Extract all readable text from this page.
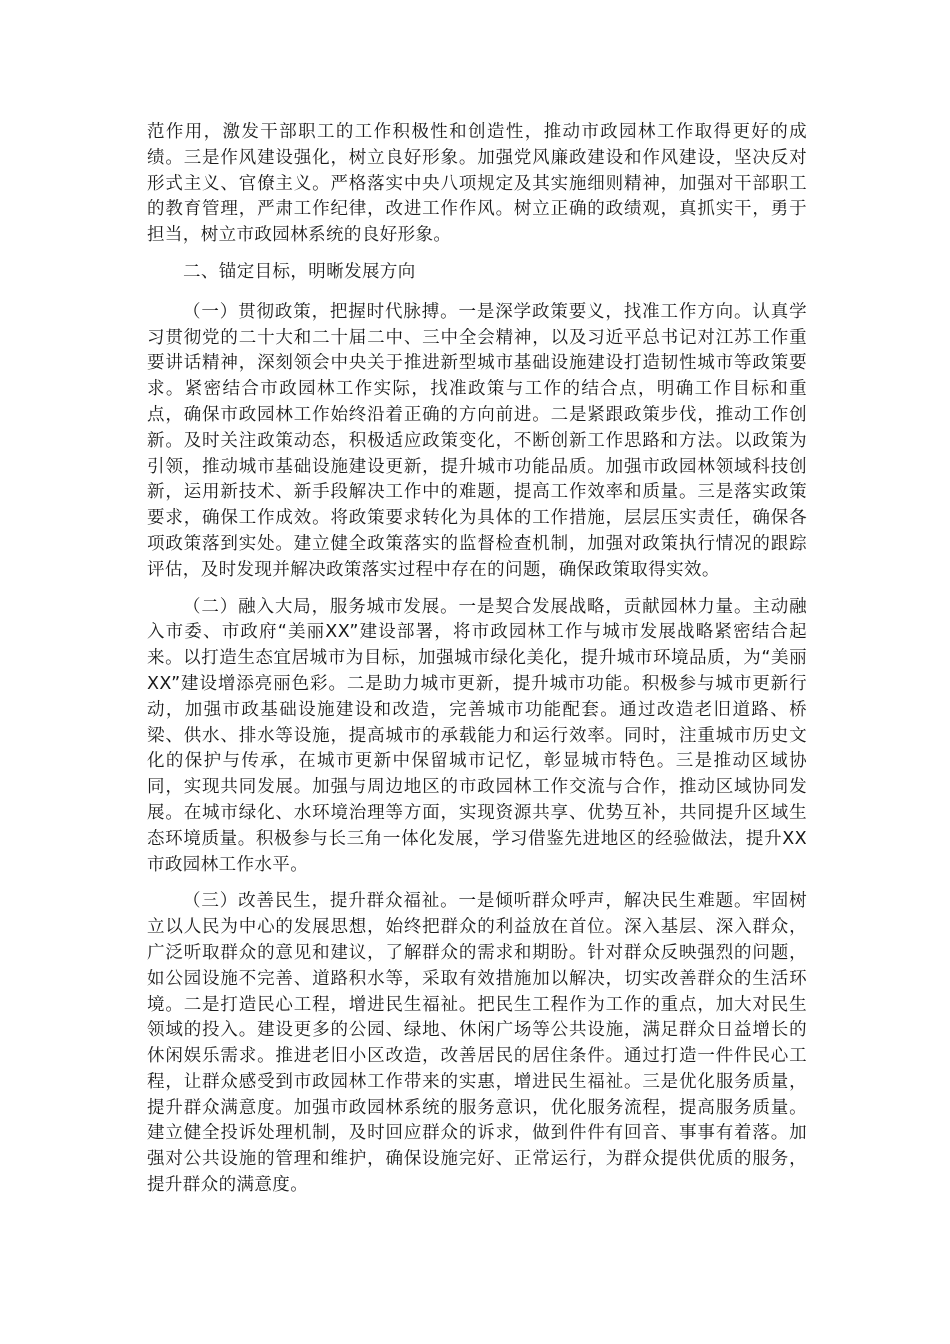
范作用，激发干部职工的工作积极性和创造性，推动市政园林工作取得更好的成绩。三是作风建设强化，树立良好形象。加强党风廉政建设和作风建设，坚决反对形式主义、官僚主义。严格落实中央八项规定及其实施细则精神，加强对干部职工的教育管理，严肃工作纪律，改进工作作风。树立正确的政绩观，真抓实干，勇于担当，树立市政园林系统的良好形象。

二、锚定目标，明晰发展方向

（一）贯彻政策，把握时代脉搏。一是深学政策要义，找准工作方向。认真学习贯彻党的二十大和二十届二中、三中全会精神，以及习近平总书记对江苏工作重要讲话精神，深刻领会中央关于推进新型城市基础设施建设打造韧性城市等政策要求。紧密结合市政园林工作实际，找准政策与工作的结合点，明确工作目标和重点，确保市政园林工作始终沿着正确的方向前进。二是紧跟政策步伐，推动工作创新。及时关注政策动态，积极适应政策变化，不断创新工作思路和方法。以政策为引领，推动城市基础设施建设更新，提升城市功能品质。加强市政园林领域科技创新，运用新技术、新手段解决工作中的难题，提高工作效率和质量。三是落实政策要求，确保工作成效。将政策要求转化为具体的工作措施，层层压实责任，确保各项政策落到实处。建立健全政策落实的监督检查机制，加强对政策执行情况的跟踪评估，及时发现并解决政策落实过程中存在的问题，确保政策取得实效。

（二）融入大局，服务城市发展。一是契合发展战略，贡献园林力量。主动融入市委、市政府“美丽XX”建设部署，将市政园林工作与城市发展战略紧密结合起来。以打造生态宜居城市为目标，加强城市绿化美化，提升城市环境品质，为“美丽XX”建设增添亮丽色彩。二是助力城市更新，提升城市功能。积极参与城市更新行动，加强市政基础设施建设和改造，完善城市功能配套。通过改造老旧道路、桥梁、供水、排水等设施，提高城市的承载能力和运行效率。同时，注重城市历史文化的保护与传承，在城市更新中保留城市记忆，彰显城市特色。三是推动区域协同，实现共同发展。加强与周边地区的市政园林工作交流与合作，推动区域协同发展。在城市绿化、水环境治理等方面，实现资源共享、优势互补，共同提升区域生态环境质量。积极参与长三角一体化发展，学习借鉴先进地区的经验做法，提升XX市政园林工作水平。

（三）改善民生，提升群众福祉。一是倾听群众呼声，解决民生难题。牢固树立以人民为中心的发展思想，始终把群众的利益放在首位。深入基层、深入群众，广泛听取群众的意见和建议，了解群众的需求和期盼。针对群众反映强烈的问题，如公园设施不完善、道路积水等，采取有效措施加以解决，切实改善群众的生活环境。二是打造民心工程，增进民生福祉。把民生工程作为工作的重点，加大对民生领域的投入。建设更多的公园、绿地、休闲广场等公共设施，满足群众日益增长的休闲娱乐需求。推进老旧小区改造，改善居民的居住条件。通过打造一件件民心工程，让群众感受到市政园林工作带来的实惠，增进民生福祉。三是优化服务质量，提升群众满意度。加强市政园林系统的服务意识，优化服务流程，提高服务质量。建立健全投诉处理机制，及时回应群众的诉求，做到件件有回音、事事有着落。加强对公共设施的管理和维护，确保设施完好、正常运行，为群众提供优质的服务，提升群众的满意度。
